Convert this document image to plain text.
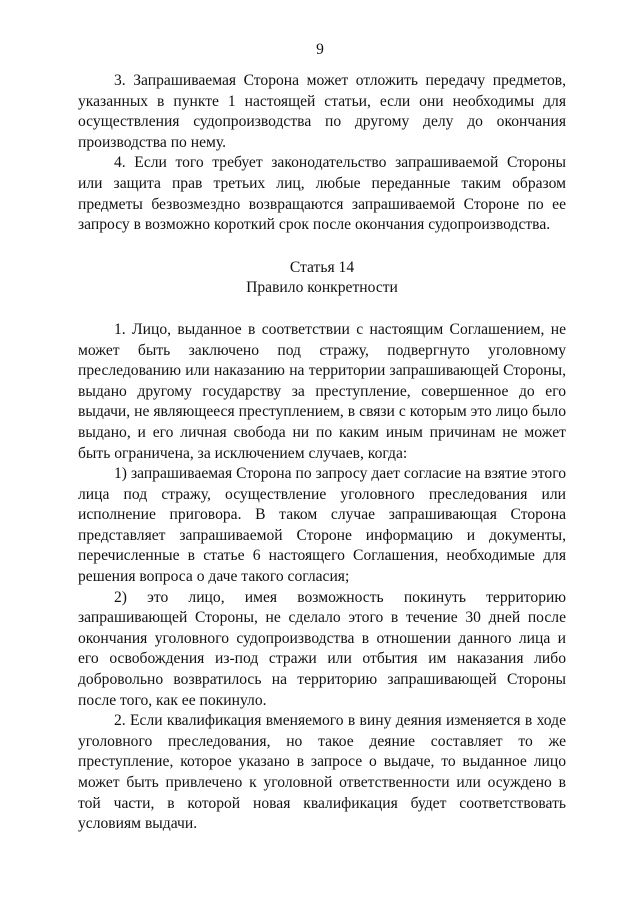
9

3. Запрашиваемая Сторона может отложить передачу предметов, указанных в пункте 1 настоящей статьи, если они необходимы для осуществления судопроизводства по другому делу до окончания производства по нему.

4. Если того требует законодательство запрашиваемой Стороны или защита прав третьих лиц, любые переданные таким образом предметы безвозмездно возвращаются запрашиваемой Стороне по ее запросу в возможно короткий срок после окончания судопроизводства.

Статья 14
Правило конкретности

1. Лицо, выданное в соответствии с настоящим Соглашением, не может быть заключено под стражу, подвергнуто уголовному преследованию или наказанию на территории запрашивающей Стороны, выдано другому государству за преступление, совершенное до его выдачи, не являющееся преступлением, в связи с которым это лицо было выдано, и его личная свобода ни по каким иным причинам не может быть ограничена, за исключением случаев, когда:

1) запрашиваемая Сторона по запросу дает согласие на взятие этого лица под стражу, осуществление уголовного преследования или исполнение приговора. В таком случае запрашивающая Сторона представляет запрашиваемой Стороне информацию и документы, перечисленные в статье 6 настоящего Соглашения, необходимые для решения вопроса о даче такого согласия;

2) это лицо, имея возможность покинуть территорию запрашивающей Стороны, не сделало этого в течение 30 дней после окончания уголовного судопроизводства в отношении данного лица и его освобождения из-под стражи или отбытия им наказания либо добровольно возвратилось на территорию запрашивающей Стороны после того, как ее покинуло.

2. Если квалификация вменяемого в вину деяния изменяется в ходе уголовного преследования, но такое деяние составляет то же преступление, которое указано в запросе о выдаче, то выданное лицо может быть привлечено к уголовной ответственности или осуждено в той части, в которой новая квалификация будет соответствовать условиям выдачи.
